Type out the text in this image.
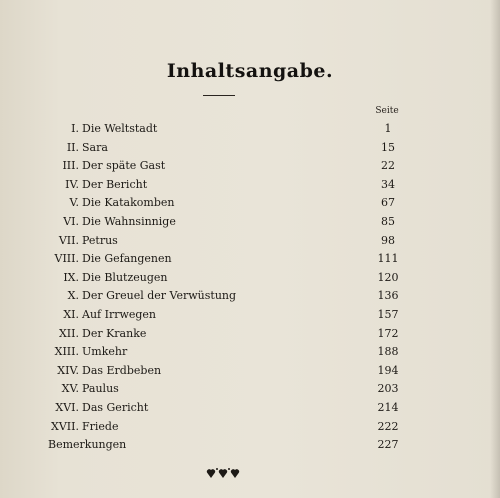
Inhaltsangabe.
Seite
I. Die Weltstadt	1
II. Sara	15
III. Der späte Gast	22
IV. Der Bericht	34
V. Die Katakomben	67
VI. Die Wahnsinnige	85
VII. Petrus	98
VIII. Die Gefangenen	111
IX. Die Blutzeugen	120
X. Der Greuel der Verwüstung	136
XI. Auf Irrwegen	157
XII. Der Kranke	172
XIII. Umkehr	188
XIV. Das Erdbeben	194
XV. Paulus	203
XVI. Das Gericht	214
XVII. Friede	222
Bemerkungen	227
